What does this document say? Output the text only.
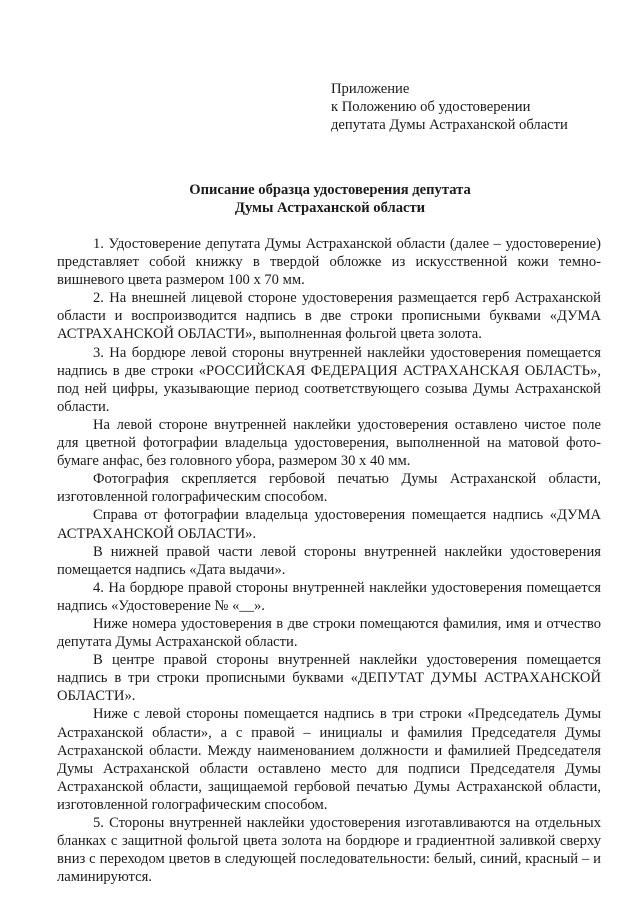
Приложение
к Положению об удостоверении
депутата Думы Астраханской области
Описание образца удостоверения депутата
Думы Астраханской области

1. Удостоверение депутата Думы Астраханской области (далее – удостоверение) представляет собой книжку в твердой обложке из искусственной кожи темновишневого цвета размером 100 х 70 мм.

2. На внешней лицевой стороне удостоверения размещается герб Астраханской области и воспроизводится надпись в две строки прописными буквами «ДУМА АСТРАХАНСКОЙ ОБЛАСТИ», выполненная фольгой цвета золота.

3. На бордюре левой стороны внутренней наклейки удостоверения помещается надпись в две строки «РОССИЙСКАЯ ФЕДЕРАЦИЯ АСТРАХАНСКАЯ ОБЛАСТЬ», под ней цифры, указывающие период соответствующего созыва Думы Астраханской области.

На левой стороне внутренней наклейки удостоверения оставлено чистое поле для цветной фотографии владельца удостоверения, выполненной на матовой фотобумаге анфас, без головного убора, размером 30 х 40 мм.

Фотография скрепляется гербовой печатью Думы Астраханской области, изготовленной голографическим способом.

Справа от фотографии владельца удостоверения помещается надпись «ДУМА АСТРАХАНСКОЙ ОБЛАСТИ».

В нижней правой части левой стороны внутренней наклейки удостоверения помещается надпись «Дата выдачи».

4. На бордюре правой стороны внутренней наклейки удостоверения помещается надпись «Удостоверение № «__».

Ниже номера удостоверения в две строки помещаются фамилия, имя и отчество депутата Думы Астраханской области.

В центре правой стороны внутренней наклейки удостоверения помещается надпись в три строки прописными буквами «ДЕПУТАТ ДУМЫ АСТРАХАНСКОЙ ОБЛАСТИ».

Ниже с левой стороны помещается надпись в три строки «Председатель Думы Астраханской области», а с правой – инициалы и фамилия Председателя Думы Астраханской области. Между наименованием должности и фамилией Председателя Думы Астраханской области оставлено место для подписи Председателя Думы Астраханской области, защищаемой гербовой печатью Думы Астраханской области, изготовленной голографическим способом.

5. Стороны внутренней наклейки удостоверения изготавливаются на отдельных бланках с защитной фольгой цвета золота на бордюре и градиентной заливкой сверху вниз с переходом цветов в следующей последовательности: белый, синий, красный – и ламинируются.
